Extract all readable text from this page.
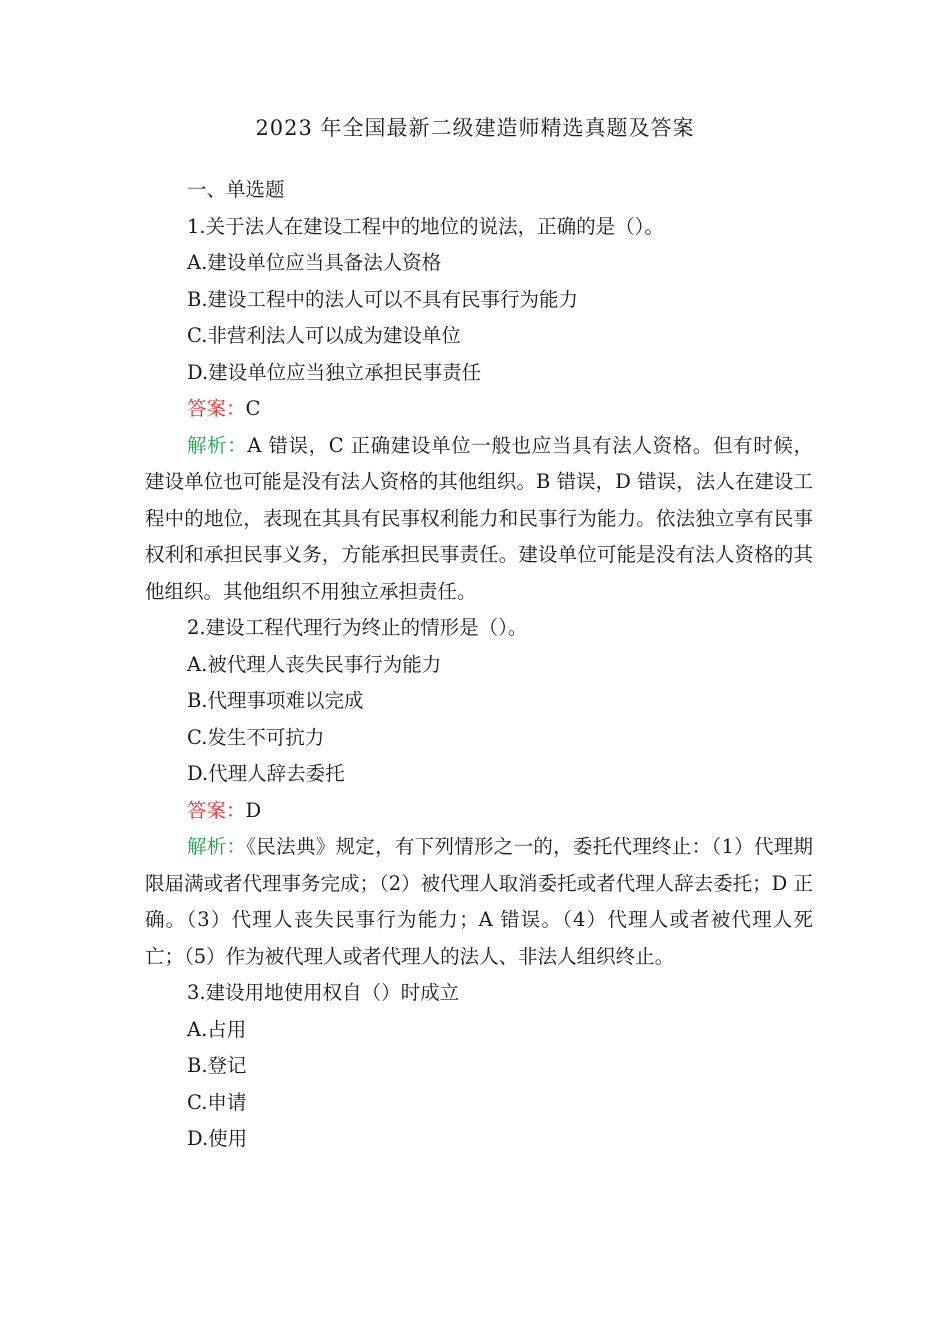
2023 年全国最新二级建造师精选真题及答案

一、单选题

1.关于法人在建设工程中的地位的说法，正确的是（）。

A.建设单位应当具备法人资格

B.建设工程中的法人可以不具有民事行为能力

C.非营利法人可以成为建设单位

D.建设单位应当独立承担民事责任

答案：C

解析：A 错误，C 正确建设单位一般也应当具有法人资格。但有时候，建设单位也可能是没有法人资格的其他组织。B 错误，D 错误，法人在建设工程中的地位，表现在其具有民事权利能力和民事行为能力。依法独立享有民事权利和承担民事义务，方能承担民事责任。建设单位可能是没有法人资格的其他组织。其他组织不用独立承担责任。

2.建设工程代理行为终止的情形是（）。

A.被代理人丧失民事行为能力

B.代理事项难以完成

C.发生不可抗力

D.代理人辞去委托

答案：D

解析：《民法典》规定，有下列情形之一的，委托代理终止：（1）代理期限届满或者代理事务完成；（2）被代理人取消委托或者代理人辞去委托；D 正确。（3）代理人丧失民事行为能力；A 错误。（4）代理人或者被代理人死亡；（5）作为被代理人或者代理人的法人、非法人组织终止。

3.建设用地使用权自（）时成立

A.占用

B.登记

C.申请

D.使用
